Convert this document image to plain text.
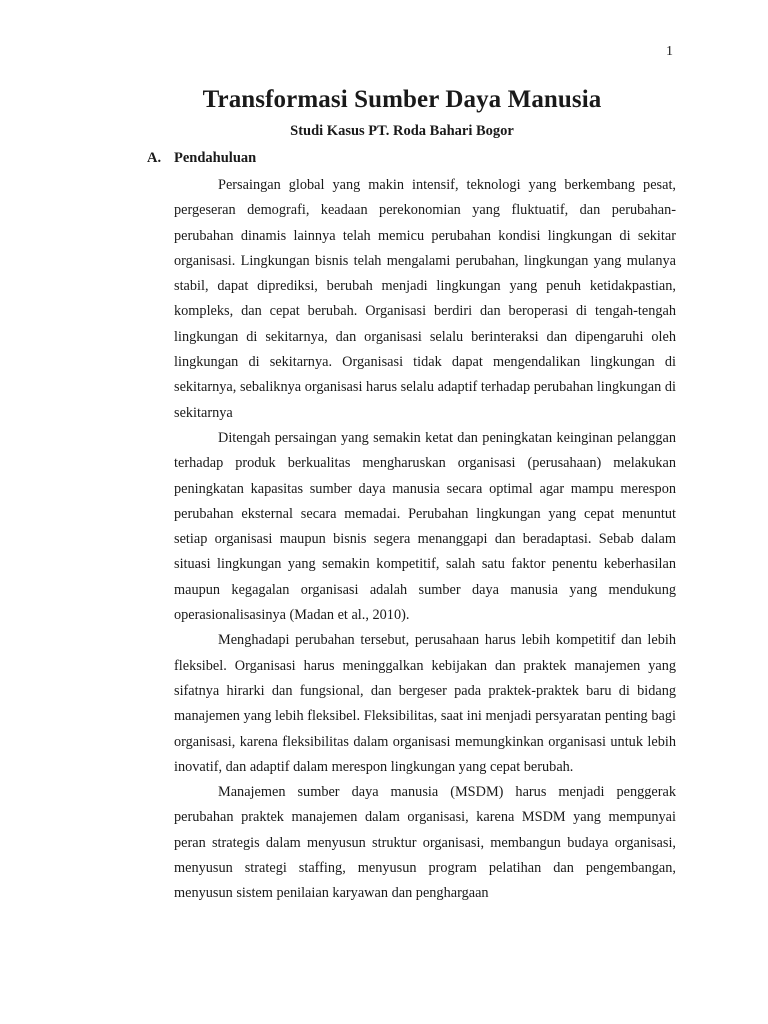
1
Transformasi Sumber Daya Manusia
Studi Kasus PT. Roda Bahari Bogor
A. Pendahuluan

Persaingan global yang makin intensif, teknologi yang berkembang pesat, pergeseran demografi, keadaan perekonomian yang fluktuatif, dan perubahan-perubahan dinamis lainnya telah memicu perubahan kondisi lingkungan di sekitar organisasi. Lingkungan bisnis telah mengalami perubahan, lingkungan yang mulanya stabil, dapat diprediksi, berubah menjadi lingkungan yang penuh ketidakpastian, kompleks, dan cepat berubah. Organisasi berdiri dan beroperasi di tengah-tengah lingkungan di sekitarnya, dan organisasi selalu berinteraksi dan dipengaruhi oleh lingkungan di sekitarnya. Organisasi tidak dapat mengendalikan lingkungan di sekitarnya, sebaliknya organisasi harus selalu adaptif terhadap perubahan lingkungan di sekitarnya

Ditengah persaingan yang semakin ketat dan peningkatan keinginan pelanggan terhadap produk berkualitas mengharuskan organisasi (perusahaan) melakukan peningkatan kapasitas sumber daya manusia secara optimal agar mampu merespon perubahan eksternal secara memadai. Perubahan lingkungan yang cepat menuntut setiap organisasi maupun bisnis segera menanggapi dan beradaptasi. Sebab dalam situasi lingkungan yang semakin kompetitif, salah satu faktor penentu keberhasilan maupun kegagalan organisasi adalah sumber daya manusia yang mendukung operasionalisasinya (Madan et al., 2010).

Menghadapi perubahan tersebut, perusahaan harus lebih kompetitif dan lebih fleksibel. Organisasi harus meninggalkan kebijakan dan praktek manajemen yang sifatnya hirarki dan fungsional, dan bergeser pada praktek-praktek baru di bidang manajemen yang lebih fleksibel. Fleksibilitas, saat ini menjadi persyaratan penting bagi organisasi, karena fleksibilitas dalam organisasi memungkinkan organisasi untuk lebih inovatif, dan adaptif dalam merespon lingkungan yang cepat berubah.

Manajemen sumber daya manusia (MSDM) harus menjadi penggerak perubahan praktek manajemen dalam organisasi, karena MSDM yang mempunyai peran strategis dalam menyusun struktur organisasi, membangun budaya organisasi, menyusun strategi staffing, menyusun program pelatihan dan pengembangan, menyusun sistem penilaian karyawan dan penghargaan
